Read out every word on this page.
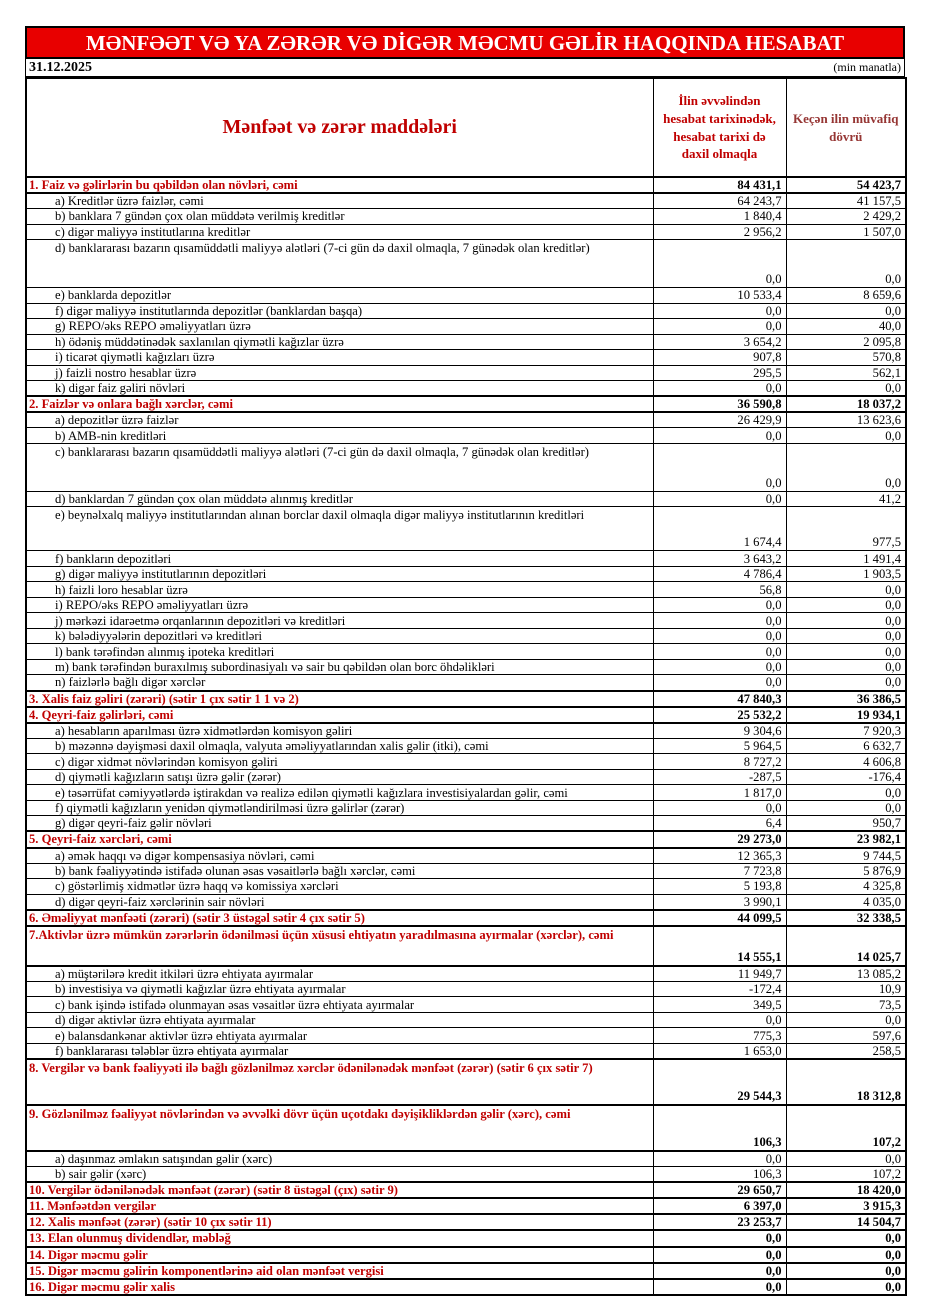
MƏNFƏƏT VƏ YA ZƏRƏR VƏ DİGƏR MƏCMU GƏLİR HAQQINDA HESABAT
31.12.2025	(min manatla)
Mənfəət və zərər maddələri	İlin əvvəlindən hesabat tarixinədək, hesabat tarixi də daxil olmaqla	Keçən ilin müvafiq dövrü
1. Faiz və gəlirlərin bu qəbildən olan növləri, cəmi	84 431,1	54 423,7
a) Kreditlər üzrə faizlər, cəmi	64 243,7	41 157,5
b) banklara 7 gündən çox olan müddətə verilmiş kreditlər	1 840,4	2 429,2
c) digər maliyyə institutlarına kreditlər	2 956,2	1 507,0
d) banklararası bazarın qısamüddətli maliyyə alətləri (7-ci gün də daxil olmaqla, 7 günədək olan kreditlər)	0,0	0,0
e) banklarda depozitlər	10 533,4	8 659,6
f) digər maliyyə institutlarında depozitlər (banklardan başqa)	0,0	0,0
g) REPO/əks REPO əməliyyatları üzrə	0,0	40,0
h) ödəniş müddətinədək saxlanılan qiymətli kağızlar üzrə	3 654,2	2 095,8
i) ticarət qiymətli kağızları üzrə	907,8	570,8
j) faizli nostro hesablar üzrə	295,5	562,1
k) digər faiz gəliri növləri	0,0	0,0
2. Faizlər və onlara bağlı xərclər, cəmi	36 590,8	18 037,2
a) depozitlər üzrə faizlər	26 429,9	13 623,6
b) AMB-nin kreditləri	0,0	0,0
c) banklararası bazarın qısamüddətli maliyyə alətləri (7-ci gün də daxil olmaqla, 7 günədək olan kreditlər)	0,0	0,0
d) banklardan 7 gündən çox olan müddətə alınmış kreditlər	0,0	41,2
e) beynəlxalq maliyyə institutlarından alınan borclar daxil olmaqla digər maliyyə institutlarının kreditləri	1 674,4	977,5
f) bankların depozitləri	3 643,2	1 491,4
g) digər maliyyə institutlarının depozitləri	4 786,4	1 903,5
h) faizli loro hesablar üzrə	56,8	0,0
i) REPO/əks REPO əməliyyatları üzrə	0,0	0,0
j) mərkəzi idarəetmə orqanlarının depozitləri və kreditləri	0,0	0,0
k) bələdiyyələrin depozitləri və kreditləri	0,0	0,0
l) bank tərəfindən alınmış ipoteka kreditləri	0,0	0,0
m) bank tərəfindən buraxılmış subordinasiyalı və sair bu qəbildən olan borc öhdəlikləri	0,0	0,0
n) faizlərlə bağlı digər xərclər	0,0	0,0
3. Xalis faiz gəliri (zərəri) (sətir 1 çıx sətir 1 1 və 2)	47 840,3	36 386,5
4. Qeyri-faiz gəlirləri, cəmi	25 532,2	19 934,1
a) hesabların aparılması üzrə xidmətlərdən komisyon gəliri	9 304,6	7 920,3
b) məzənnə dəyişməsi daxil olmaqla, valyuta əməliyyatlarından xalis gəlir (itki), cəmi	5 964,5	6 632,7
c) digər xidmət növlərindən komisyon gəliri	8 727,2	4 606,8
d) qiymətli kağızların satışı üzrə gəlir (zərər)	-287,5	-176,4
e) təsərrüfat cəmiyyətlərdə iştirakdan və realizə edilən qiymətli kağızlara investisiyalardan gəlir, cəmi	1 817,0	0,0
f) qiymətli kağızların yenidən qiymətləndirilməsi üzrə gəlirlər (zərər)	0,0	0,0
g) digər qeyri-faiz gəlir növləri	6,4	950,7
5. Qeyri-faiz xərcləri, cəmi	29 273,0	23 982,1
a) əmək haqqı və digər kompensasiya növləri, cəmi	12 365,3	9 744,5
b) bank fəaliyyətində istifadə olunan əsas vəsaitlərlə bağlı xərclər, cəmi	7 723,8	5 876,9
c) göstərlimiş xidmətlər üzrə haqq və komissiya xərcləri	5 193,8	4 325,8
d) digər qeyri-faiz xərclərinin sair növləri	3 990,1	4 035,0
6. Əməliyyat mənfəəti (zərəri) (sətir 3 üstəgəl sətir 4 çıx sətir 5)	44 099,5	32 338,5
7.Aktivlər üzrə mümkün zərərlərin ödənilməsi üçün xüsusi ehtiyatın yaradılmasına ayırmalar (xərclər), cəmi	14 555,1	14 025,7
a) müştərilərə kredit itkiləri üzrə ehtiyata ayırmalar	11 949,7	13 085,2
b) investisiya və qiymətli kağızlar üzrə ehtiyata ayırmalar	-172,4	10,9
c) bank işində istifadə olunmayan əsas vəsaitlər üzrə ehtiyata ayırmalar	349,5	73,5
d) digər aktivlər üzrə ehtiyata ayırmalar	0,0	0,0
e) balansdankənar aktivlər üzrə ehtiyata ayırmalar	775,3	597,6
f) banklararası tələblər üzrə ehtiyata ayırmalar	1 653,0	258,5
8. Vergilər və bank fəaliyyəti ilə bağlı gözlənilməz xərclər ödənilənədək mənfəət (zərər) (sətir 6 çıx sətir 7)	29 544,3	18 312,8
9. Gözlənilməz fəaliyyət növlərindən və əvvəlki dövr üçün uçotdakı dəyişikliklərdən gəlir (xərc), cəmi	106,3	107,2
a) daşınmaz əmlakın satışından gəlir (xərc)	0,0	0,0
b) sair gəlir (xərc)	106,3	107,2
10. Vergilər ödənilənədək mənfəət (zərər) (sətir 8 üstəgəl (çıx) sətir 9)	29 650,7	18 420,0
11. Mənfəətdən vergilər	6 397,0	3 915,3
12. Xalis mənfəət (zərər) (sətir 10 çıx sətir 11)	23 253,7	14 504,7
13. Elan olunmuş dividendlər, məbləğ	0,0	0,0
14. Digər məcmu gəlir	0,0	0,0
15. Digər məcmu gəlirin komponentlərinə aid olan mənfəət vergisi	0,0	0,0
16. Digər məcmu gəlir xalis	0,0	0,0
